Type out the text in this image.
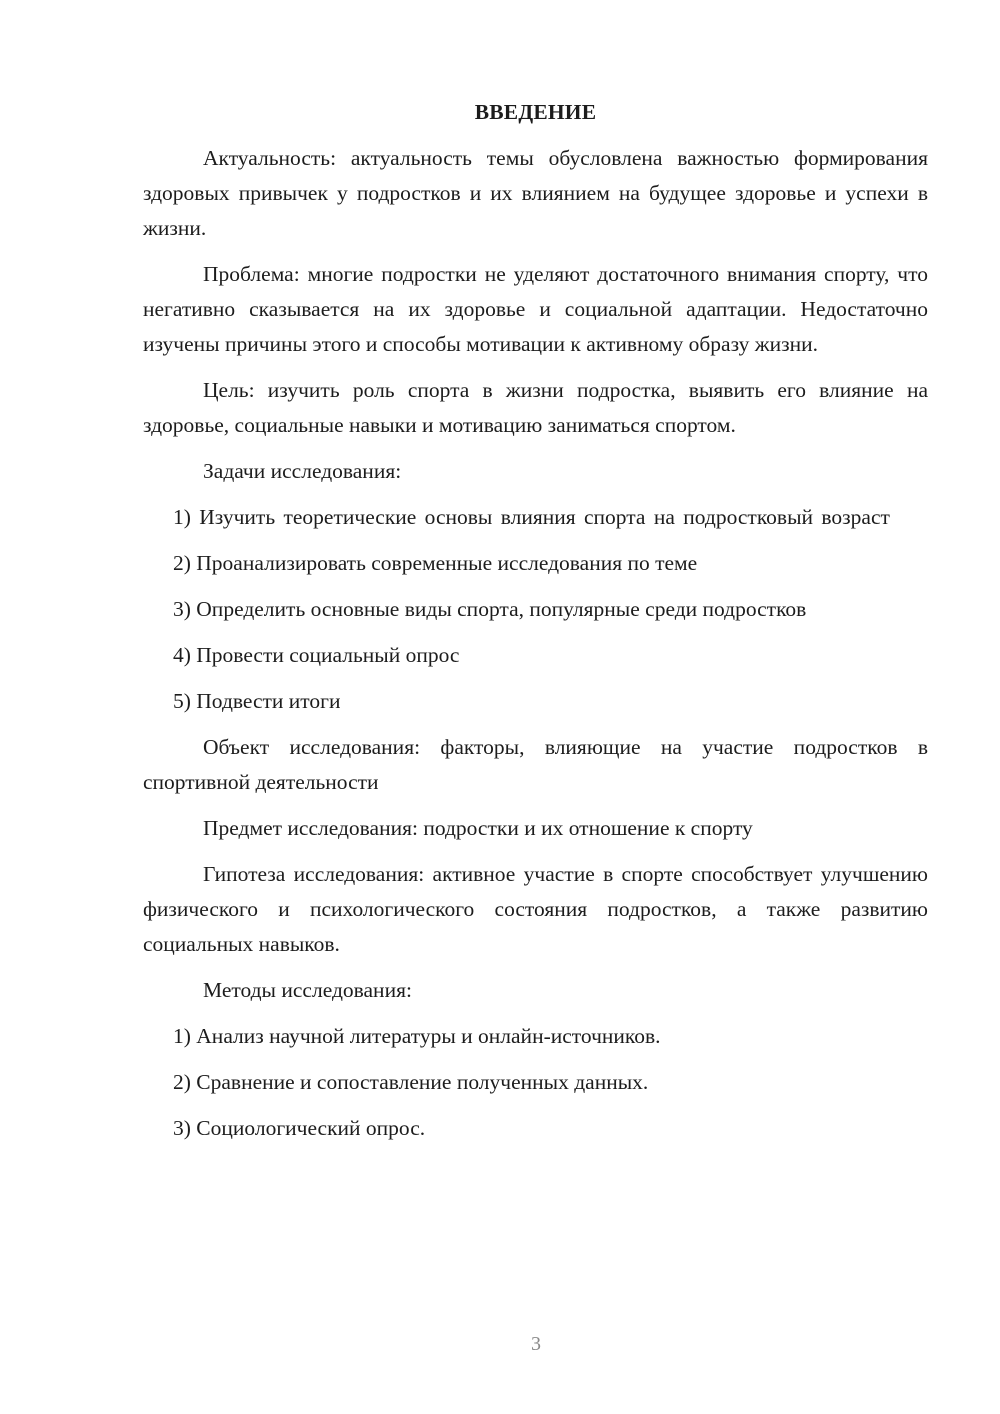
ВВЕДЕНИЕ

Актуальность: актуальность темы обусловлена важностью формирования здоровых привычек у подростков и их влиянием на будущее здоровье и успехи в жизни.

Проблема: многие подростки не уделяют достаточного внимания спорту, что негативно сказывается на их здоровье и социальной адаптации. Недостаточно изучены причины этого и способы мотивации к активному образу жизни.

Цель: изучить роль спорта в жизни подростка, выявить его влияние на здоровье, социальные навыки и мотивацию заниматься спортом.

Задачи исследования:

1) Изучить теоретические основы влияния спорта на подростковый возраст

2) Проанализировать современные исследования по теме

3) Определить основные виды спорта, популярные среди подростков

4) Провести социальный опрос

5) Подвести итоги

Объект исследования: факторы, влияющие на участие подростков в спортивной деятельности

Предмет исследования: подростки и их отношение к спорту

Гипотеза исследования: активное участие в спорте способствует улучшению физического и психологического состояния подростков, а также развитию социальных навыков.

Методы исследования:

1) Анализ научной литературы и онлайн-источников.

2) Сравнение и сопоставление полученных данных.

3) Социологический опрос.

3
